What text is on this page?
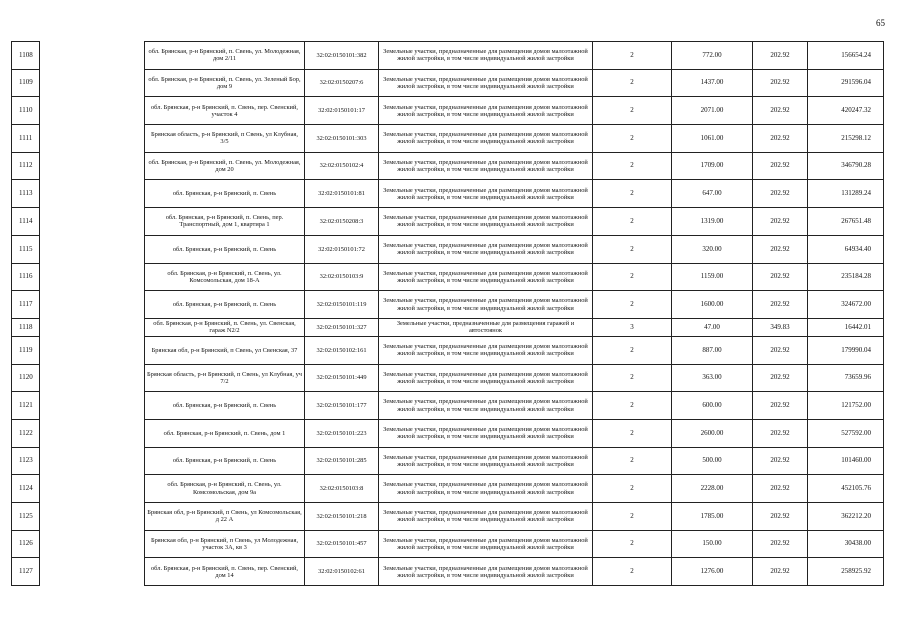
65
1108		обл. Брянская, р-н Брянский, п. Свень, ул. Молодежная, дом 2/11	32:02:0150101:382	Земельные участки, предназначенные для размещения домов малоэтажной жилой застройки, в том числе индивидуальной жилой застройки	2	772.00	202.92	156654.24
1109		обл. Брянская, р-н Брянский, п. Свень, ул. Зеленый Бор, дом 9	32:02:0150207:6	Земельные участки, предназначенные для размещения домов малоэтажной жилой застройки, в том числе индивидуальной жилой застройки	2	1437.00	202.92	291596.04
1110		обл. Брянская, р-н Брянский, п. Свень, пер. Свенский, участок 4	32:02:0150101:17	Земельные участки, предназначенные для размещения домов малоэтажной жилой застройки, в том числе индивидуальной жилой застройки	2	2071.00	202.92	420247.32
1111		Брянская область, р-н Брянский, п Свень, ул Клубная, 3/5	32:02:0150101:303	Земельные участки, предназначенные для размещения домов малоэтажной жилой застройки, в том числе индивидуальной жилой застройки	2	1061.00	202.92	215298.12
1112		обл. Брянская, р-н Брянский, п. Свень, ул. Молодежная, дом 20	32:02:0150102:4	Земельные участки, предназначенные для размещения домов малоэтажной жилой застройки, в том числе индивидуальной жилой застройки	2	1709.00	202.92	346790.28
1113		обл. Брянская, р-н Брянский, п. Свень	32:02:0150101:81	Земельные участки, предназначенные для размещения домов малоэтажной жилой застройки, в том числе индивидуальной жилой застройки	2	647.00	202.92	131289.24
1114		обл. Брянская, р-н Брянский, п. Свень, пер. Транспортный, дом 1, квартира 1	32:02:0150208:3	Земельные участки, предназначенные для размещения домов малоэтажной жилой застройки, в том числе индивидуальной жилой застройки	2	1319.00	202.92	267651.48
1115		обл. Брянская, р-н Брянский, п. Свень	32:02:0150101:72	Земельные участки, предназначенные для размещения домов малоэтажной жилой застройки, в том числе индивидуальной жилой застройки	2	320.00	202.92	64934.40
1116		обл. Брянская, р-н Брянский, п. Свень, ул. Комсомольская, дом 18-А	32:02:0150103:9	Земельные участки, предназначенные для размещения домов малоэтажной жилой застройки, в том числе индивидуальной жилой застройки	2	1159.00	202.92	235184.28
1117		обл. Брянская, р-н Брянский, п. Свень	32:02:0150101:119	Земельные участки, предназначенные для размещения домов малоэтажной жилой застройки, в том числе индивидуальной жилой застройки	2	1600.00	202.92	324672.00
1118		обл. Брянская, р-н Брянский, п. Свень, ул. Свенская, гараж N2/2	32:02:0150101:327	Земельные участки, предназначенные для размещения гаражей и автостоянок	3	47.00	349.83	16442.01
1119		Брянская обл, р-н Брянский, п Свень, ул Свенская, 37	32:02:0150102:161	Земельные участки, предназначенные для размещения домов малоэтажной жилой застройки, в том числе индивидуальной жилой застройки	2	887.00	202.92	179990.04
1120		Брянская область, р-н Брянский, п Свень, ул Клубная, уч 7/2	32:02:0150101:449	Земельные участки, предназначенные для размещения домов малоэтажной жилой застройки, в том числе индивидуальной жилой застройки	2	363.00	202.92	73659.96
1121		обл. Брянская, р-н Брянский, п. Свень	32:02:0150101:177	Земельные участки, предназначенные для размещения домов малоэтажной жилой застройки, в том числе индивидуальной жилой застройки	2	600.00	202.92	121752.00
1122		обл. Брянская, р-н Брянский, п. Свень, дом 1	32:02:0150101:223	Земельные участки, предназначенные для размещения домов малоэтажной жилой застройки, в том числе индивидуальной жилой застройки	2	2600.00	202.92	527592.00
1123		обл. Брянская, р-н Брянский, п. Свень	32:02:0150101:285	Земельные участки, предназначенные для размещения домов малоэтажной жилой застройки, в том числе индивидуальной жилой застройки	2	500.00	202.92	101460.00
1124		обл. Брянская, р-н Брянский, п. Свень, ул. Комсомольская, дом 9а	32:02:0150103:8	Земельные участки, предназначенные для размещения домов малоэтажной жилой застройки, в том числе индивидуальной жилой застройки	2	2228.00	202.92	452105.76
1125		Брянская обл, р-н Брянский, п Свень, ул Комсомольская, д 22 А	32:02:0150101:218	Земельные участки, предназначенные для размещения домов малоэтажной жилой застройки, в том числе индивидуальной жилой застройки	2	1785.00	202.92	362212.20
1126		Брянская обл, р-н Брянский, п Свень, ул Молодежная, участок 3А, кв 3	32:02:0150101:457	Земельные участки, предназначенные для размещения домов малоэтажной жилой застройки, в том числе индивидуальной жилой застройки	2	150.00	202.92	30438.00
1127		обл. Брянская, р-н Брянский, п. Свень, пер. Свенский, дом 14	32:02:0150102:61	Земельные участки, предназначенные для размещения домов малоэтажной жилой застройки, в том числе индивидуальной жилой застройки	2	1276.00	202.92	258925.92
